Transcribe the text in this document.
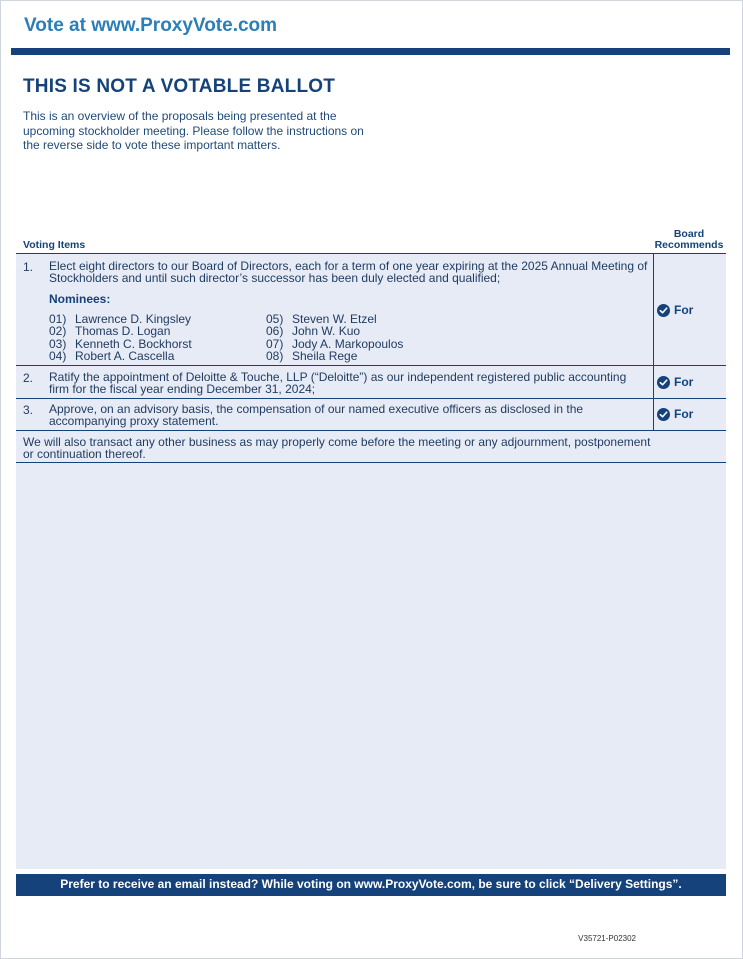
Vote at www.ProxyVote.com
THIS IS NOT A VOTABLE BALLOT
This is an overview of the proposals being presented at the upcoming stockholder meeting. Please follow the instructions on the reverse side to vote these important matters.
Board
Recommends
Voting Items
1. Elect eight directors to our Board of Directors, each for a term of one year expiring at the 2025 Annual Meeting of Stockholders and until such director’s successor has been duly elected and qualified;
Nominees:
01) Lawrence D. Kingsley
02) Thomas D. Logan
03) Kenneth C. Bockhorst
04) Robert A. Cascella
05) Steven W. Etzel
06) John W. Kuo
07) Jody A. Markopoulos
08) Sheila Rege
For
2. Ratify the appointment of Deloitte & Touche, LLP (“Deloitte”) as our independent registered public accounting firm for the fiscal year ending December 31, 2024;	For
3. Approve, on an advisory basis, the compensation of our named executive officers as disclosed in the accompanying proxy statement.	For
We will also transact any other business as may properly come before the meeting or any adjournment, postponement or continuation thereof.
Prefer to receive an email instead? While voting on www.ProxyVote.com, be sure to click “Delivery Settings”.
V35721-P02302
